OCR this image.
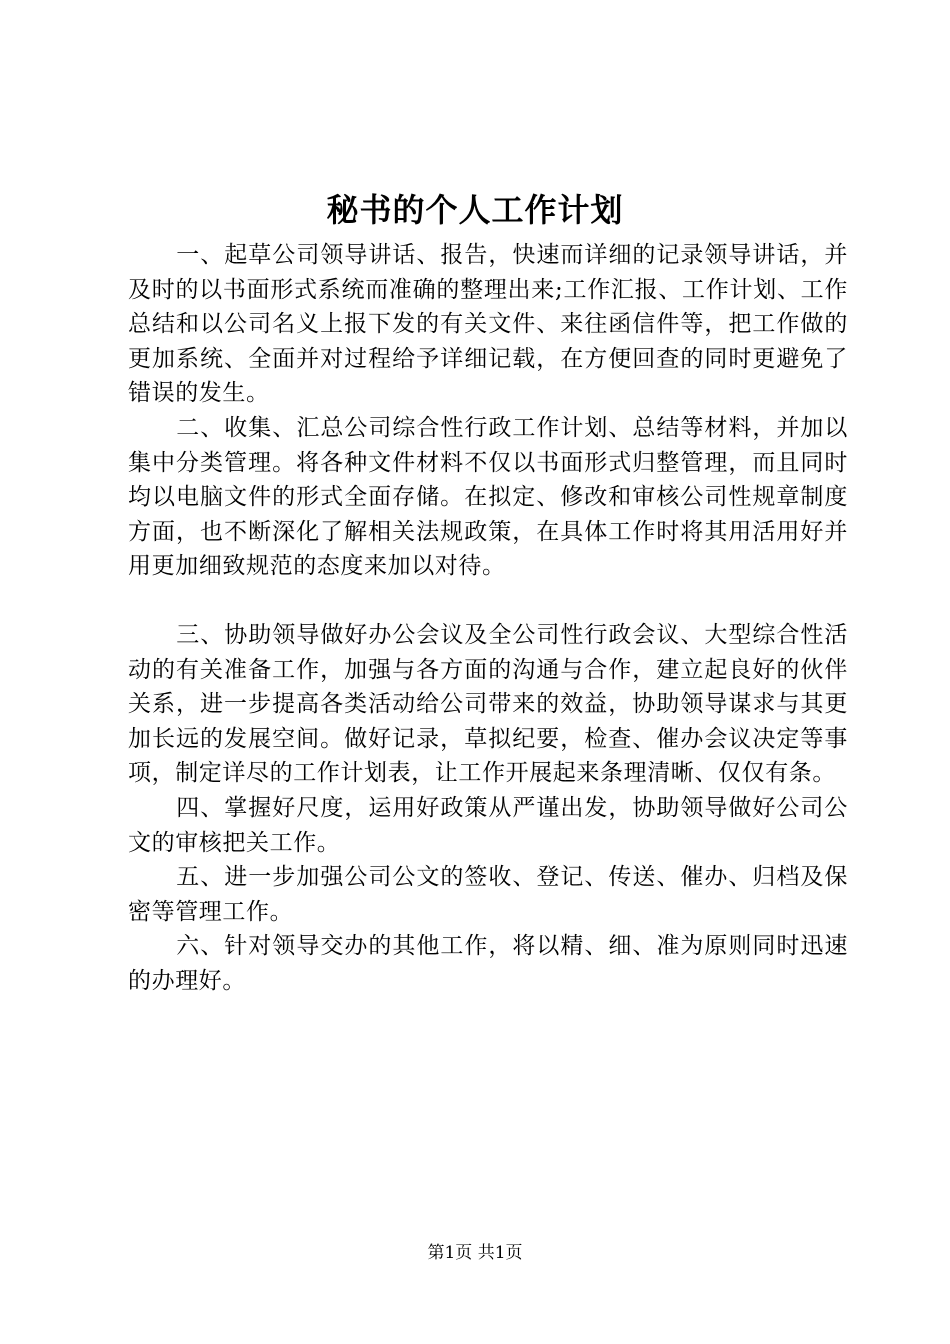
秘书的个人工作计划

一、起草公司领导讲话、报告，快速而详细的记录领导讲话，并及时的以书面形式系统而准确的整理出来;工作汇报、工作计划、工作总结和以公司名义上报下发的有关文件、来往函信件等，把工作做的更加系统、全面并对过程给予详细记载，在方便回查的同时更避免了错误的发生。

二、收集、汇总公司综合性行政工作计划、总结等材料，并加以集中分类管理。将各种文件材料不仅以书面形式归整管理，而且同时均以电脑文件的形式全面存储。在拟定、修改和审核公司性规章制度方面，也不断深化了解相关法规政策，在具体工作时将其用活用好并用更加细致规范的态度来加以对待。

三、协助领导做好办公会议及全公司性行政会议、大型综合性活动的有关准备工作，加强与各方面的沟通与合作，建立起良好的伙伴关系，进一步提高各类活动给公司带来的效益，协助领导谋求与其更加长远的发展空间。做好记录，草拟纪要，检查、催办会议决定等事项，制定详尽的工作计划表，让工作开展起来条理清晰、仅仅有条。

四、掌握好尺度，运用好政策从严谨出发，协助领导做好公司公文的审核把关工作。

五、进一步加强公司公文的签收、登记、传送、催办、归档及保密等管理工作。

六、针对领导交办的其他工作，将以精、细、准为原则同时迅速的办理好。

第1页 共1页
